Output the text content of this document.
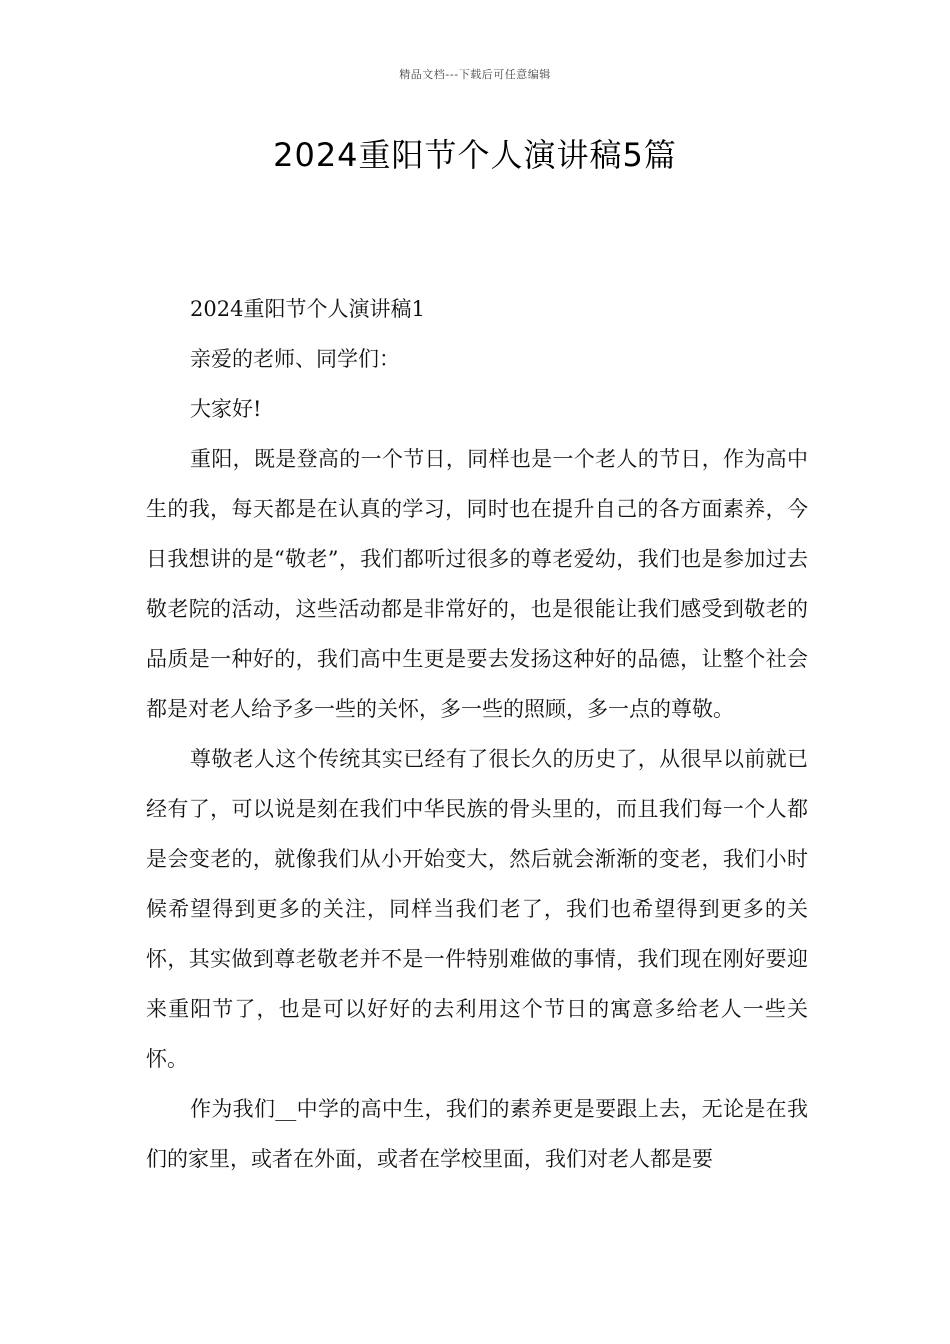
精品文档---下载后可任意编辑
2024重阳节个人演讲稿5篇

2024重阳节个人演讲稿1

亲爱的老师、同学们：

大家好!

重阳，既是登高的一个节日，同样也是一个老人的节日，作为高中生的我，每天都是在认真的学习，同时也在提升自己的各方面素养，今日我想讲的是“敬老”，我们都听过很多的尊老爱幼，我们也是参加过去敬老院的活动，这些活动都是非常好的，也是很能让我们感受到敬老的品质是一种好的，我们高中生更是要去发扬这种好的品德，让整个社会都是对老人给予多一些的关怀，多一些的照顾，多一点的尊敬。

尊敬老人这个传统其实已经有了很长久的历史了，从很早以前就已经有了，可以说是刻在我们中华民族的骨头里的，而且我们每一个人都是会变老的，就像我们从小开始变大，然后就会渐渐的变老，我们小时候希望得到更多的关注，同样当我们老了，我们也希望得到更多的关怀，其实做到尊老敬老并不是一件特别难做的事情，我们现在刚好要迎来重阳节了，也是可以好好的去利用这个节日的寓意多给老人一些关怀。

作为我们__中学的高中生，我们的素养更是要跟上去，无论是在我们的家里，或者在外面，或者在学校里面，我们对老人都是要
